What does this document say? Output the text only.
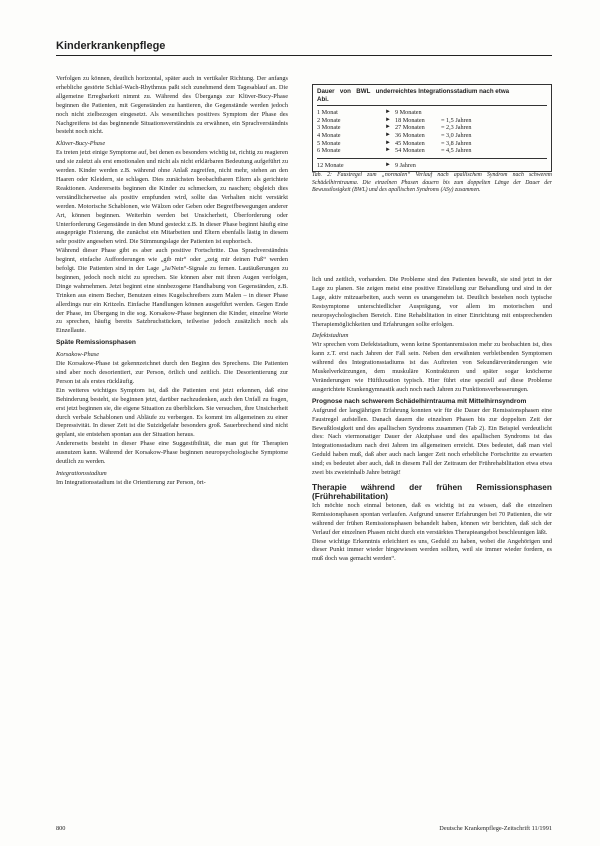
Kinderkrankenpflege

Verfolgen zu können, deutlich horizontal, später auch in vertikaler Richtung. Der anfangs erhebliche gestörte Schlaf-Wach-Rhythmus paßt sich zunehmend dem Tagesablauf an. Die allgemeine Erregbarkeit nimmt zu. Während des Übergangs zur Klüver-Bucy-Phase beginnen die Patienten, mit Gegenständen zu hantieren, die Gegenstände werden jedoch noch nicht zielbezogen eingesetzt. Als wesentliches positives Symptom der Phase des Nachgreifens ist das beginnende Situationsverständnis zu erwähnen, ein Sprachverständnis besteht noch nicht.

Klüver-Bucy-Phase

Es treten jetzt einige Symptome auf, bei denen es besonders wichtig ist, richtig zu reagieren und sie zuletzt als erst emotionalen und nicht als nicht erklärbaren Bedeutung aufgeführt zu werden. Kinder werden z.B. während ohne Anlaß zugreifen, nicht mehr, stehen an den Haaren oder Kleidern, sie schlagen. Dies zunächsten beobachtbaren Eltern als gerichtete Reaktionen. Andererseits beginnen die Kinder zu schmecken, zu naschen; obgleich dies verständlicherweise als positiv empfunden wird, sollte das Verhalten nicht verstärkt werden. Motorische Schablonen, wie Wälzen oder Geben oder Begreifbewegungen anderer Art, können beginnen. Weiterhin werden bei Unsicherheit, Überforderung oder Unterforderung Gegenstände in den Mund gesteckt z.B. In dieser Phase beginnt häufig eine ausgeprägte Fixierung, die zunächst ein Mitarbeiten und Eltern ebenfalls lästig in diesem sehr positiv angesehen wird. Die Stimmungslage der Patienten ist euphorisch.

Während dieser Phase gibt es aber auch positive Fortschritte. Das Sprachverständnis beginnt, einfache Aufforderungen wie „gib mir“ oder „zeig mir deinen Fuß“ werden befolgt. Die Patienten sind in der Lage „Ja/Nein“-Signale zu fernen. Lautäußerungen zu beginnen, jedoch noch nicht zu sprechen. Sie können aber mit ihren Augen verfolgen, Dinge wahrnehmen. Jetzt beginnt eine sinnbezogene Handhabung von Gegenständen, z.B. Trinken aus einem Becher, Benutzen eines Kugelschreibers zum Malen – in dieser Phase allerdings nur ein Kritzeln. Einfache Handlungen können ausgeführt werden. Gegen Ende der Phase, im Übergang in die sog. Korsakow-Phase beginnen die Kinder, einzelne Worte zu sprechen, häufig bereits Satzbruchstücken, teilweise jedoch zusätzlich noch als Einzellaute.

Späte Remissionsphasen

Korsakow-Phase

Die Korsakow-Phase ist gekennzeichnet durch den Beginn des Sprechens. Die Patienten sind aber noch desorientiert, zur Person, örtlich und zeitlich. Die Desorientierung zur Person ist als erstes rückläufig.

Ein weiteres wichtiges Symptom ist, daß die Patienten erst jetzt erkennen, daß eine Behinderung besteht, sie beginnen jetzt, darüber nachzudenken, auch den Unfall zu fragen, erst jetzt beginnen sie, die eigene Situation zu überblicken. Sie versuchen, ihre Unsicherheit durch verbale Schablonen und Abläufe zu verbergen. Es kommt im allgemeinen zu einer Depressivität. In dieser Zeit ist die Suizidgefahr besonders groß. Sauerbrechend sind nicht geplant, sie entstehen spontan aus der Situation heraus.

Andererseits besteht in dieser Phase eine Suggestibilität, die man gut für Therapien ausnutzen kann. Während der Korsakow-Phase beginnen neuropsychologische Symptome deutlich zu werden.

Integrationsstadium

Im Integrationsstadium ist die Orientierung zur Person, ört-

Dauer von BWL und Abi.
erreichtes Integrationsstadium nach etwa
1 Monat	► 9 Monaten
2 Monate	► 18 Monaten	= 1,5 Jahren
3 Monate	► 27 Monaten	= 2,3 Jahren
4 Monate	► 36 Monaten	= 3,0 Jahren
5 Monate	► 45 Monaten	= 3,8 Jahren
6 Monate	► 54 Monaten	= 4,5 Jahren
12 Monate	► 9 Jahren

Tab. 2: Faustregel zum „normalen“ Verlauf nach apallischem Syndrom nach schwerem Schädelhirntrauma. Die einzelnen Phasen dauern bis zum doppelten Länge der Dauer der Bewusstlosigkeit (BWL) und des apallischen Syndroms (ASy) zusammen.

lich und zeitlich, vorhanden. Die Probleme sind den Patienten bewußt, sie sind jetzt in der Lage zu planen. Sie zeigen meist eine positive Einstellung zur Behandlung und sind in der Lage, aktiv mitzuarbeiten, auch wenn es unangenehm ist. Deutlich bestehen noch typische Restsymptome unterschiedlicher Ausprägung, vor allem im motorischen und neuropsychologischen Bereich. Eine Rehabilitation in einer Einrichtung mit entsprechenden Therapiemöglichkeiten und Erfahrungen sollte erfolgen.

Defektstadium

Wir sprechen vom Defektstadium, wenn keine Spontanremission mehr zu beobachten ist, dies kann z.T. erst nach Jahren der Fall sein. Neben den erwähnten verbleibenden Symptomen während des Integrationsstadiums ist das Auftreten von Sekundärveränderungen wie Muskelverkürzungen, dem muskuläre Kontrakturen und später sogar knöcherne Veränderungen wie Hüftluxation typisch. Hier führt eine speziell auf diese Probleme ausgerichtete Krankengymnastik auch noch nach Jahren zu Funktionsverbesserungen.

Prognose nach schwerem Schädelhirntrauma mit Mittelhirnsyndrom

Aufgrund der langjährigen Erfahrung konnten wir für die Dauer der Remissionsphasen eine Faustregel aufstellen. Danach dauern die einzelnen Phasen bis zur doppelten Zeit der Bewußtlosigkeit und des apallischen Syndroms zusammen (Tab 2). Ein Beispiel verdeutlicht dies: Nach viermonatiger Dauer der Akutphase und des apallischen Syndroms ist das Integrationsstadium nach drei Jahren im allgemeinen erreicht. Dies bedeutet, daß man viel Geduld haben muß, daß aber auch nach langer Zeit noch erhebliche Fortschritte zu erwarten sind; es bedeutet aber auch, daß in diesem Fall der Zeitraum der Frührehabilitation etwa etwa zwei bis zweieinhalb Jahre beträgt!

Therapie während der frühen Remissionsphasen (Frührehabilitation)

Ich möchte noch einmal betonen, daß es wichtig ist zu wissen, daß die einzelnen Remissionsphasen spontan verlaufen. Aufgrund unserer Erfahrungen bei 70 Patienten, die wir während der frühen Remissionsphasen behandelt haben, können wir berichten, daß sich der Verlauf der einzelnen Phasen nicht durch ein verstärktes Therapieangebot beschleunigen läßt.

Diese wichtige Erkenntnis erleichtert es uns, Geduld zu haben, wobei die Angehörigen und dieser Punkt immer wieder hingewiesen werden sollten, weil sie immer wieder fordern, es muß doch was gemacht werden“.

800	Deutsche Krankenpflege-Zeitschrift 11/1991
